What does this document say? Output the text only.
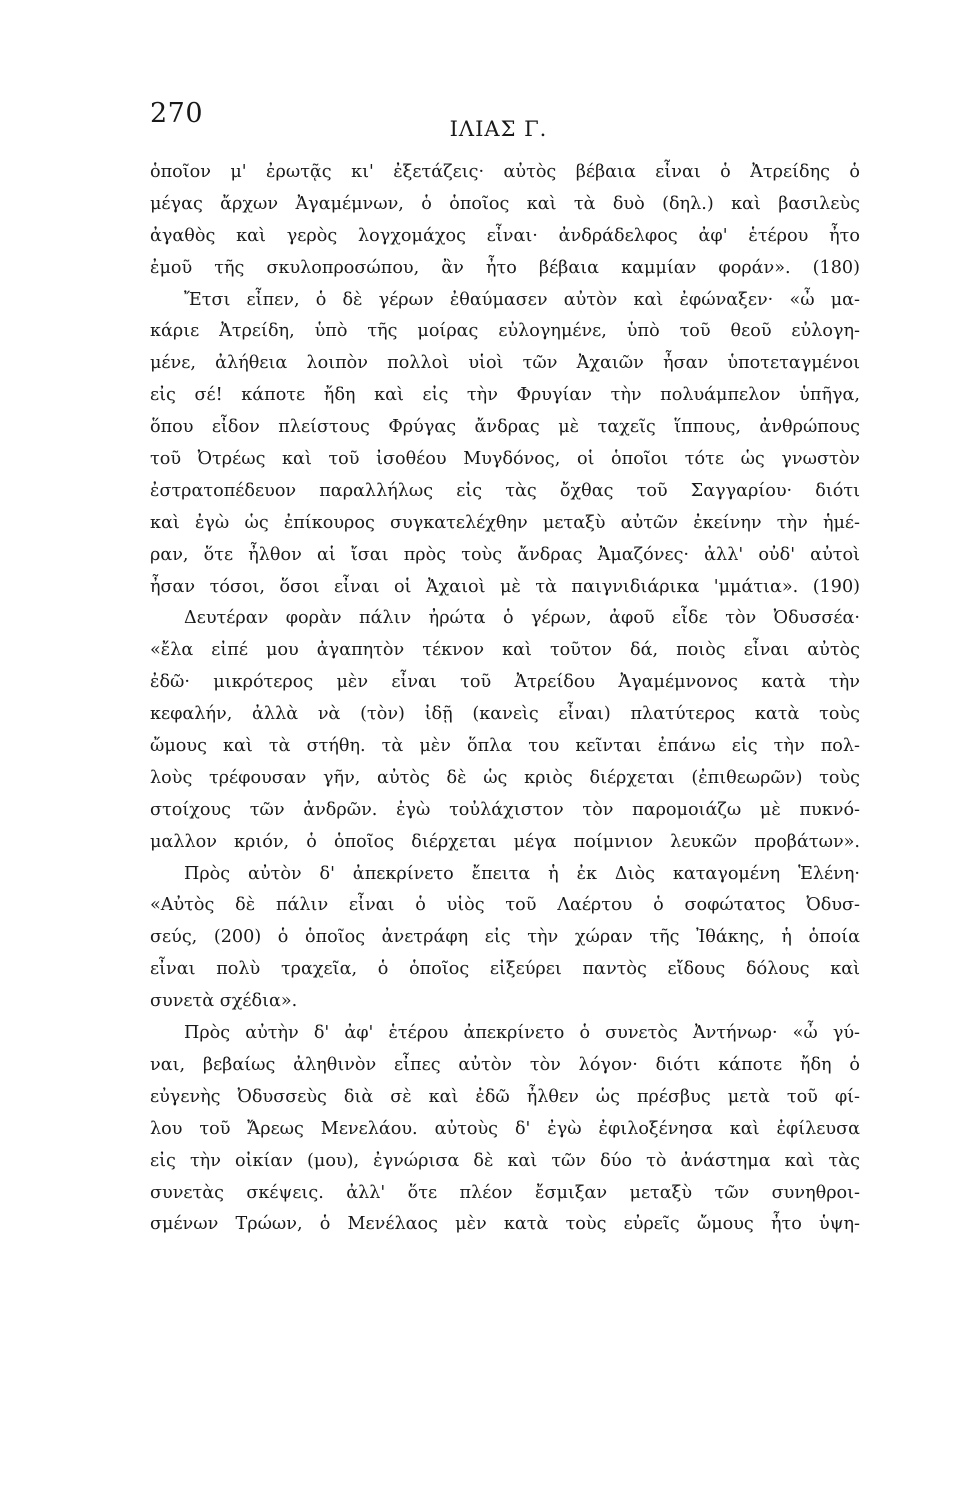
270	ΙΛΙΑΣ Γ.
ὁποῖον μ' ἐρωτᾷς κι' ἐξετάζεις· αὐτὸς βέβαια εἶναι ὁ Ἀτρείδης ὁ
μέγας ἄρχων Ἀγαμέμνων, ὁ ὁποῖος καὶ τὰ δυὸ (δηλ.) καὶ βασιλεὺς
ἀγαθὸς καὶ γερὸς λογχομάχος εἶναι· ἀνδράδελφος ἀφ' ἑτέρου ἦτο
ἐμοῦ τῆς σκυλοπροσώπου, ἂν ἦτο βέβαια καμμίαν φοράν». (180)
Ἔτσι εἶπεν, ὁ δὲ γέρων ἐθαύμασεν αὐτὸν καὶ ἐφώναξεν· «ὦ μα-
κάριε Ἀτρείδη, ὑπὸ τῆς μοίρας εὐλογημένε, ὑπὸ τοῦ θεοῦ εὐλογη-
μένε, ἀλήθεια λοιπὸν πολλοὶ υἱοὶ τῶν Ἀχαιῶν ἦσαν ὑποτεταγμένοι
εἰς σέ! κάποτε ἤδη καὶ εἰς τὴν Φρυγίαν τὴν πολυάμπελον ὑπῆγα,
ὅπου εἶδον πλείστους Φρύγας ἄνδρας μὲ ταχεῖς ἵππους, ἀνθρώπους
τοῦ Ὀτρέως καὶ τοῦ ἰσοθέου Μυγδόνος, οἱ ὁποῖοι τότε ὡς γνωστὸν
ἐστρατοπέδευον παραλλήλως εἰς τὰς ὄχθας τοῦ Σαγγαρίου· διότι
καὶ ἐγὼ ὡς ἐπίκουρος συγκατελέχθην μεταξὺ αὐτῶν ἐκείνην τὴν ἡμέ-
ραν, ὅτε ἦλθον αἱ ἴσαι πρὸς τοὺς ἄνδρας Ἀμαζόνες· ἀλλ' οὐδ' αὐτοὶ
ἦσαν τόσοι, ὅσοι εἶναι οἱ Ἀχαιοὶ μὲ τὰ παιγνιδιάρικα 'μμάτια». (190)
Δευτέραν φορὰν πάλιν ἠρώτα ὁ γέρων, ἀφοῦ εἶδε τὸν Ὀδυσσέα·
«ἔλα εἰπέ μου ἀγαπητὸν τέκνον καὶ τοῦτον δά, ποιὸς εἶναι αὐτὸς
ἐδῶ· μικρότερος μὲν εἶναι τοῦ Ἀτρείδου Ἀγαμέμνονος κατὰ τὴν
κεφαλήν, ἀλλὰ νὰ (τὸν) ἰδῇ (κανεὶς εἶναι) πλατύτερος κατὰ τοὺς
ὤμους καὶ τὰ στήθη. τὰ μὲν ὅπλα του κεῖνται ἐπάνω εἰς τὴν πολ-
λοὺς τρέφουσαν γῆν, αὐτὸς δὲ ὡς κριὸς διέρχεται (ἐπιθεωρῶν) τοὺς
στοίχους τῶν ἀνδρῶν. ἐγὼ τοὐλάχιστον τὸν παρομοιάζω μὲ πυκνό-
μαλλον κριόν, ὁ ὁποῖος διέρχεται μέγα ποίμνιον λευκῶν προβάτων».
Πρὸς αὐτὸν δ' ἀπεκρίνετο ἔπειτα ἡ ἐκ Διὸς καταγομένη Ἑλένη·
«Αὐτὸς δὲ πάλιν εἶναι ὁ υἱὸς τοῦ Λαέρτου ὁ σοφώτατος Ὀδυσ-
σεύς, (200) ὁ ὁποῖος ἀνετράφη εἰς τὴν χώραν τῆς Ἰθάκης, ἡ ὁποία
εἶναι πολὺ τραχεῖα, ὁ ὁποῖος εἰξεύρει παντὸς εἴδους δόλους καὶ
συνετὰ σχέδια».
Πρὸς αὐτὴν δ' ἀφ' ἑτέρου ἀπεκρίνετο ὁ συνετὸς Ἀντήνωρ· «ὦ γύ-
ναι, βεβαίως ἀληθινὸν εἶπες αὐτὸν τὸν λόγον· διότι κάποτε ἤδη ὁ
εὐγενὴς Ὀδυσσεὺς διὰ σὲ καὶ ἐδῶ ἦλθεν ὡς πρέσβυς μετὰ τοῦ φί-
λου τοῦ Ἄρεως Μενελάου. αὐτοὺς δ' ἐγὼ ἐφιλοξένησα καὶ ἐφίλευσα
εἰς τὴν οἰκίαν (μου), ἐγνώρισα δὲ καὶ τῶν δύο τὸ ἀνάστημα καὶ τὰς
συνετὰς σκέψεις. ἀλλ' ὅτε πλέον ἔσμιξαν μεταξὺ τῶν συνηθροι-
σμένων Τρώων, ὁ Μενέλαος μὲν κατὰ τοὺς εὐρεῖς ὤμους ἦτο ὑψη-
